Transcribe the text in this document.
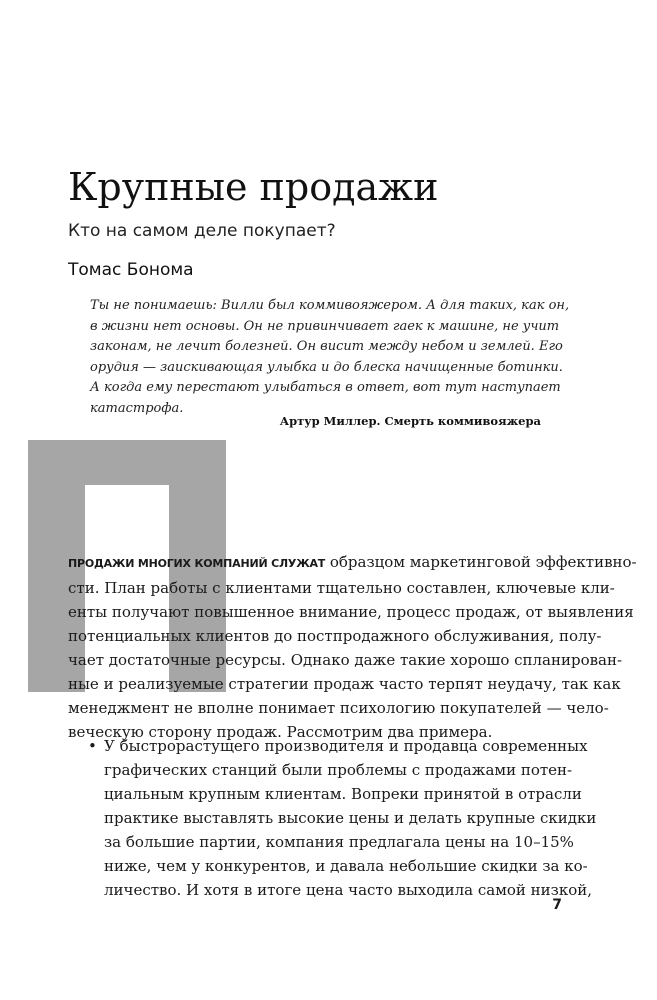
Крупные продажи

Кто на самом деле покупает?

Томас Бонома

Ты не понимаешь: Вилли был коммивояжером. А для таких, как он,
в жизни нет основы. Он не привинчивает гаек к машине, не учит
законам, не лечит болезней. Он висит между небом и землей. Его
орудия — заискивающая улыбка и до блеска начищенные ботинки.
А когда ему перестают улыбаться в ответ, вот тут наступает
катастрофа.
Артур Миллер. Смерть коммивояжера
ПРОДАЖИ МНОГИХ КОМПАНИЙ СЛУЖАТ образцом маркетинговой эффективно-
сти. План работы с клиентами тщательно составлен, ключевые кли-
енты получают повышенное внимание, процесс продаж, от выявления
потенциальных клиентов до постпродажного обслуживания, полу-
чает достаточные ресурсы. Однако даже такие хорошо спланирован-
ные и реализуемые стратегии продаж часто терпят неудачу, так как
менеджмент не вполне понимает психологию покупателей — чело-
веческую сторону продаж. Рассмотрим два примера.
• У быстрорастущего производителя и продавца современных
графических станций были проблемы с продажами потен-
циальным крупным клиентам. Вопреки принятой в отрасли
практике выставлять высокие цены и делать крупные скидки
за большие партии, компания предлагала цены на 10–15%
ниже, чем у конкурентов, и давала небольшие скидки за ко-
личество. И хотя в итоге цена часто выходила самой низкой,
7
